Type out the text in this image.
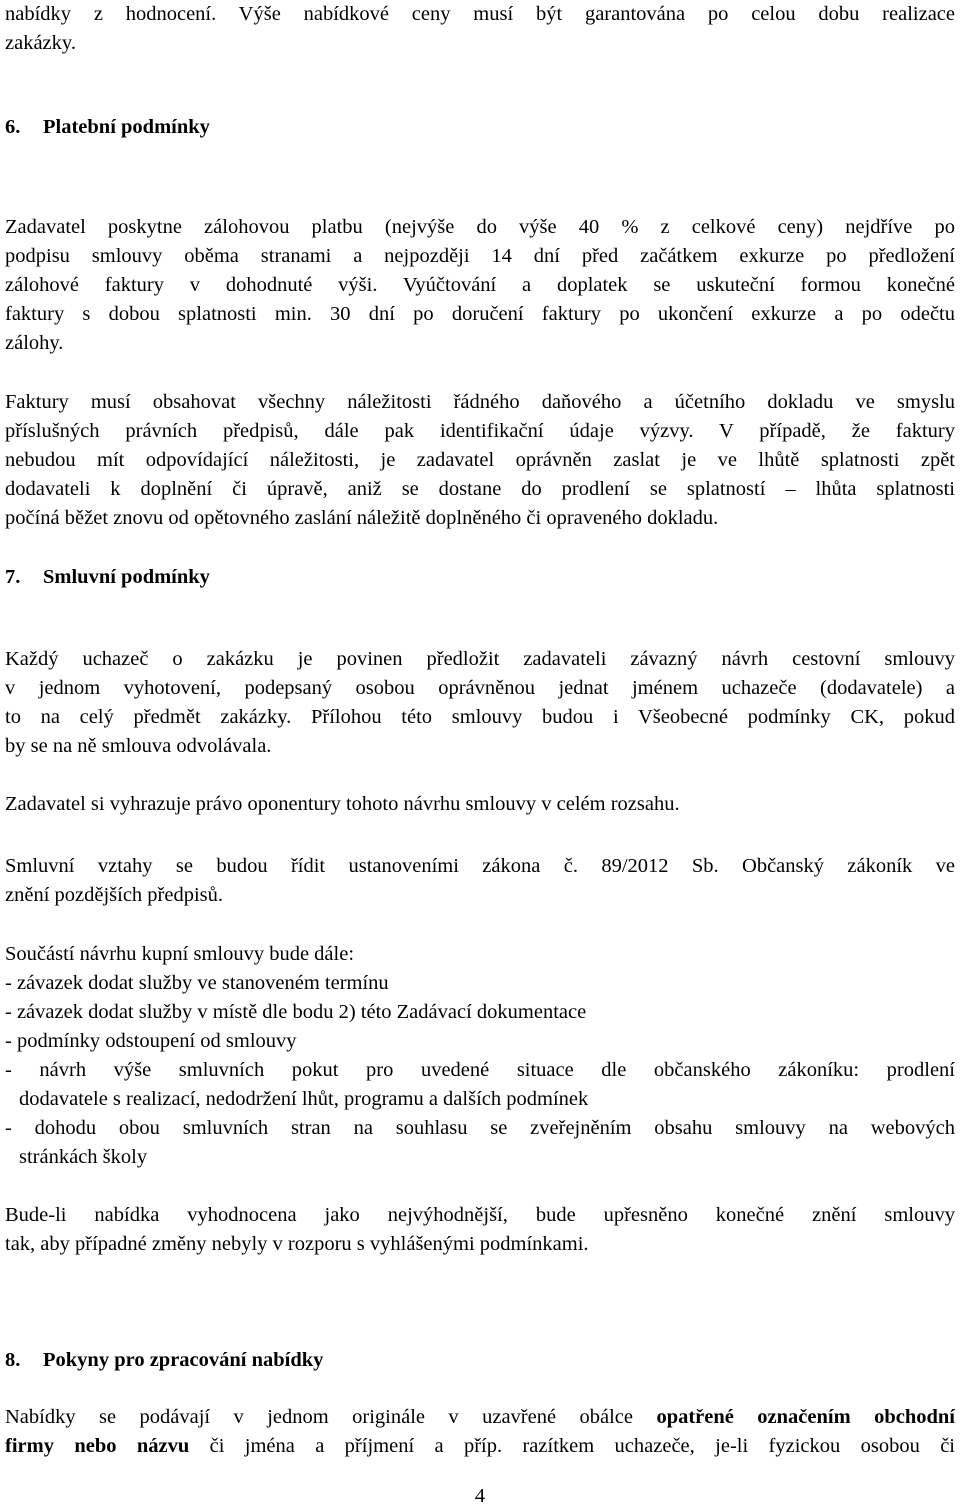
nabídky z hodnocení. Výše nabídkové ceny musí být garantována po celou dobu realizace
zakázky.
6.	Platební podmínky
Zadavatel poskytne zálohovou platbu (nejvýše do výše 40 % z celkové ceny) nejdříve po
podpisu smlouvy oběma stranami a nejpozději 14 dní před začátkem exkurze po předložení
zálohové faktury v dohodnuté výši. Vyúčtování a doplatek se uskuteční formou konečné
faktury s dobou splatnosti min. 30 dní po doručení faktury po ukončení exkurze a po odečtu
zálohy.
Faktury musí obsahovat všechny náležitosti řádného daňového a účetního dokladu ve smyslu
příslušných právních předpisů, dále pak identifikační údaje výzvy. V případě, že faktury
nebudou mít odpovídající náležitosti, je zadavatel oprávněn zaslat je ve lhůtě splatnosti zpět
dodavateli k doplnění či úpravě, aniž se dostane do prodlení se splatností – lhůta splatnosti
počíná běžet znovu od opětovného zaslání náležitě doplněného či opraveného dokladu.
7.	Smluvní podmínky
Každý uchazeč o zakázku je povinen předložit zadavateli závazný návrh cestovní smlouvy
v jednom vyhotovení, podepsaný osobou oprávněnou jednat jménem uchazeče (dodavatele) a
to na celý předmět zakázky. Přílohou této smlouvy budou i Všeobecné podmínky CK, pokud
by se na ně smlouva odvolávala.
Zadavatel si vyhrazuje právo oponentury tohoto návrhu smlouvy v celém rozsahu.
Smluvní vztahy se budou řídit ustanoveními zákona č. 89/2012 Sb. Občanský zákoník ve
znění pozdějších předpisů.
Součástí návrhu kupní smlouvy bude dále:
- závazek dodat služby ve stanoveném termínu
- závazek dodat služby v místě dle bodu 2) této Zadávací dokumentace
- podmínky odstoupení od smlouvy
- návrh výše smluvních pokut pro uvedené situace dle občanského zákoníku: prodlení
dodavatele s realizací, nedodržení lhůt, programu a dalších podmínek
- dohodu obou smluvních stran na souhlasu se zveřejněním obsahu smlouvy na webových
stránkách školy
Bude-li nabídka vyhodnocena jako nejvýhodnější, bude upřesněno konečné znění smlouvy
tak, aby případné změny nebyly v rozporu s vyhlášenými podmínkami.
8.	Pokyny pro zpracování nabídky
Nabídky se podávají v jednom originále v uzavřené obálce opatřené označením obchodní
firmy nebo názvu či jména a příjmení a příp. razítkem uchazeče, je-li fyzickou osobou či
4
